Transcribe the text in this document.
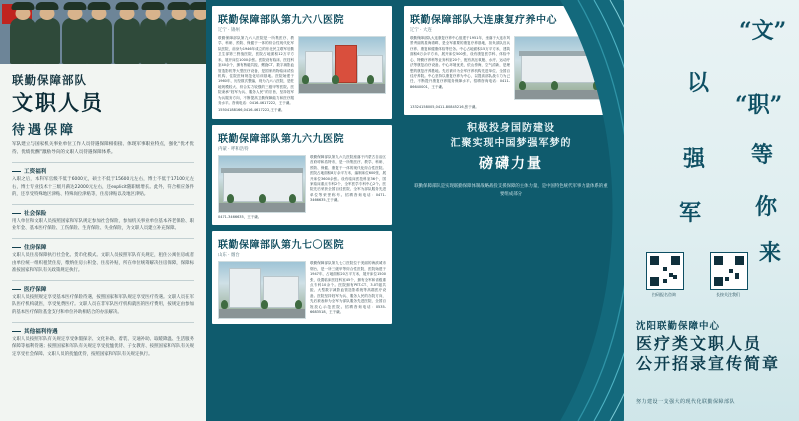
联勤保障部队
文职人员
待遇保障
军队建立与国家机关事业单位工作人员待遇保障相衔接、体现军事职业特点，强化“优才优待、优绩优酬”激励导向的文职人员待遇保障体系。
工资福利
入职之后，本科军官级不低于6000元，硕士不低于15600元左右，博士不低于17100元左右，博士专业技术十三级月薪达22000元左右，还explicit随职级增长。此外，符合相应条件的，还享受特殊地区津贴、特殊岗位津贴等，住房津贴以及地区津贴。
社会保险
用人单位和文职人员按照国家和军队规定参加社会保险，参加机关事业单位基本养老保险、职业年金、基本医疗保险、工伤保险、生育保险、失业保险，为文职人员建立补充保障。
住房保障
文职人员住房保障执行社会化、货币化模式。文职人员按照军队有关规定，租住公寓住房或者由单位统一组织租赁住房，缴纳住房公积金、住房补贴，所在单位统筹解决住房保障，保障标准按国家和军队有关政策规定执行。
医疗保障
文职人员按照规定享受基本医疗保险待遇，按照国家和军队规定享受医疗待遇。文职人员在军队医疗机构就医，享受免费医疗。文职人员在非军队医疗机构就医的医疗费用，按规定由参加的基本医疗保险基金支付和单位补助相结合的办法解决。
其他福利待遇
文职人员按照军队有关规定享受休假探亲、文化补助、着装、交通补助、取暖降温、生活服务保障等福利待遇；按照国家和军队有关规定享受抚恤优待、子女教育、按照国家和军队有关规定享受社会保障、文职人员的抚恤优待，按照国家和军队有关规定执行。
联勤保障部队第九六八医院
辽宁 · 锦州
联勤保障部队第九六八医院是一所集医疗、教学、科研、预防、保健于一体的综合性现代化军队医院，前身为1946年成立的东北民主联军后勤卫生部第三野战医院，医院占地面积12万平方米，展开床位1000余张。医院设有临床、医技科室40余个，拥有核磁共振、螺旋CT、数字减影血管造影机等大型医疗设备，是国家药物临床试验机构、住院医师规范化培训基地。医院始建于1960年，历经数次整编，现为九六八医院，是驻地规模较大、综合实力较强的三级甲等医院。医院秉承“姓军为兵、服务人民”的宗旨，坚持姓军为兵服务方向，不断提高卫勤保障能力和医疗服务水平。咨询电话：0416-4617222，王于谦。
15504188166,0416-4617222,王于谦。
联勤保障部队第九六九医院
内蒙 · 呼和浩特
联勤保障部队第九六九医院座落于内蒙古自治区首府呼和浩特市，是一所集医疗、教学、科研、预防、保健、康复于一体的现代化综合性医院。医院占地面积8万余平方米，编制床位600张，展开床位3600余张。设有临床医技科室36个，国家临床重点专科2个，全军医学专科中心2个。医院先后荣获全国百佳医院、全军为部队服务先进单位等荣誉称号。招聘咨询电话：0471-3466635,王于谦。
0471-3466635，王于谦。
联勤保障部队第九七〇医院
山东 · 烟台
联勤保障部队第九七〇医院位于美丽的海滨城市烟台，是一所三级甲等综合性医院，医院始建于1947年，占地面积20万平方米，展开床位1500张，设置临床医技科室45个，拥有全军和省级重点专科10余个。医院拥有PET-CT、3.0T磁共振、大型数字减影血管造影系统等高端医疗设备。医院坚持姓军为兵、服务人民的办院方向，先后被表彰为全军为部队服务先进医院、全国百姓放心示范医院。招聘咨询电话：0535-6683518，王于谦。
联勤保障部队大连康复疗养中心
辽宁 · 大连
联勤保障部队大连康复疗养中心组建于1951年，坐落于大连市风景秀丽的星海湾畔，是全军重要的康复疗养基地，担负部队官兵疗养、康复和健康体检等任务。中心占地面积15万平方米，建筑面积6万余平方米，展开床位500张，设有康复医学科、体检中心、特勤疗养科等业务科室20个，配有高压氧舱、水疗、运动疗法等康复治疗设备。中心环境优美，依山傍海，空气清新，是理想的康复疗养胜地。先后被评为全军疗养机构先进单位、全国百佳疗养院。中心坚持以康复疗养为中心，以提高部队战斗力为己任，不断提升康复疗养服务保障水平。招聘咨询电话：0411-86640001，王于谦。
13324158005,0411-80845216,张于谦。
积极投身国防建设
汇聚实现中国梦强军梦的
磅礴力量
联勤保障部队是实现联勤保障体制战略战役支援保障的主体力量，是中国特色统代军事力量体系的重要组成部分
“文”
以
“职”
强 等
军 你
来
扫码报名咨询	长按关注我们
沈阳联勤保障中心
医疗类文职人员
公开招录宣传简章
努力建设一支强大的现代化联勤保障部队
